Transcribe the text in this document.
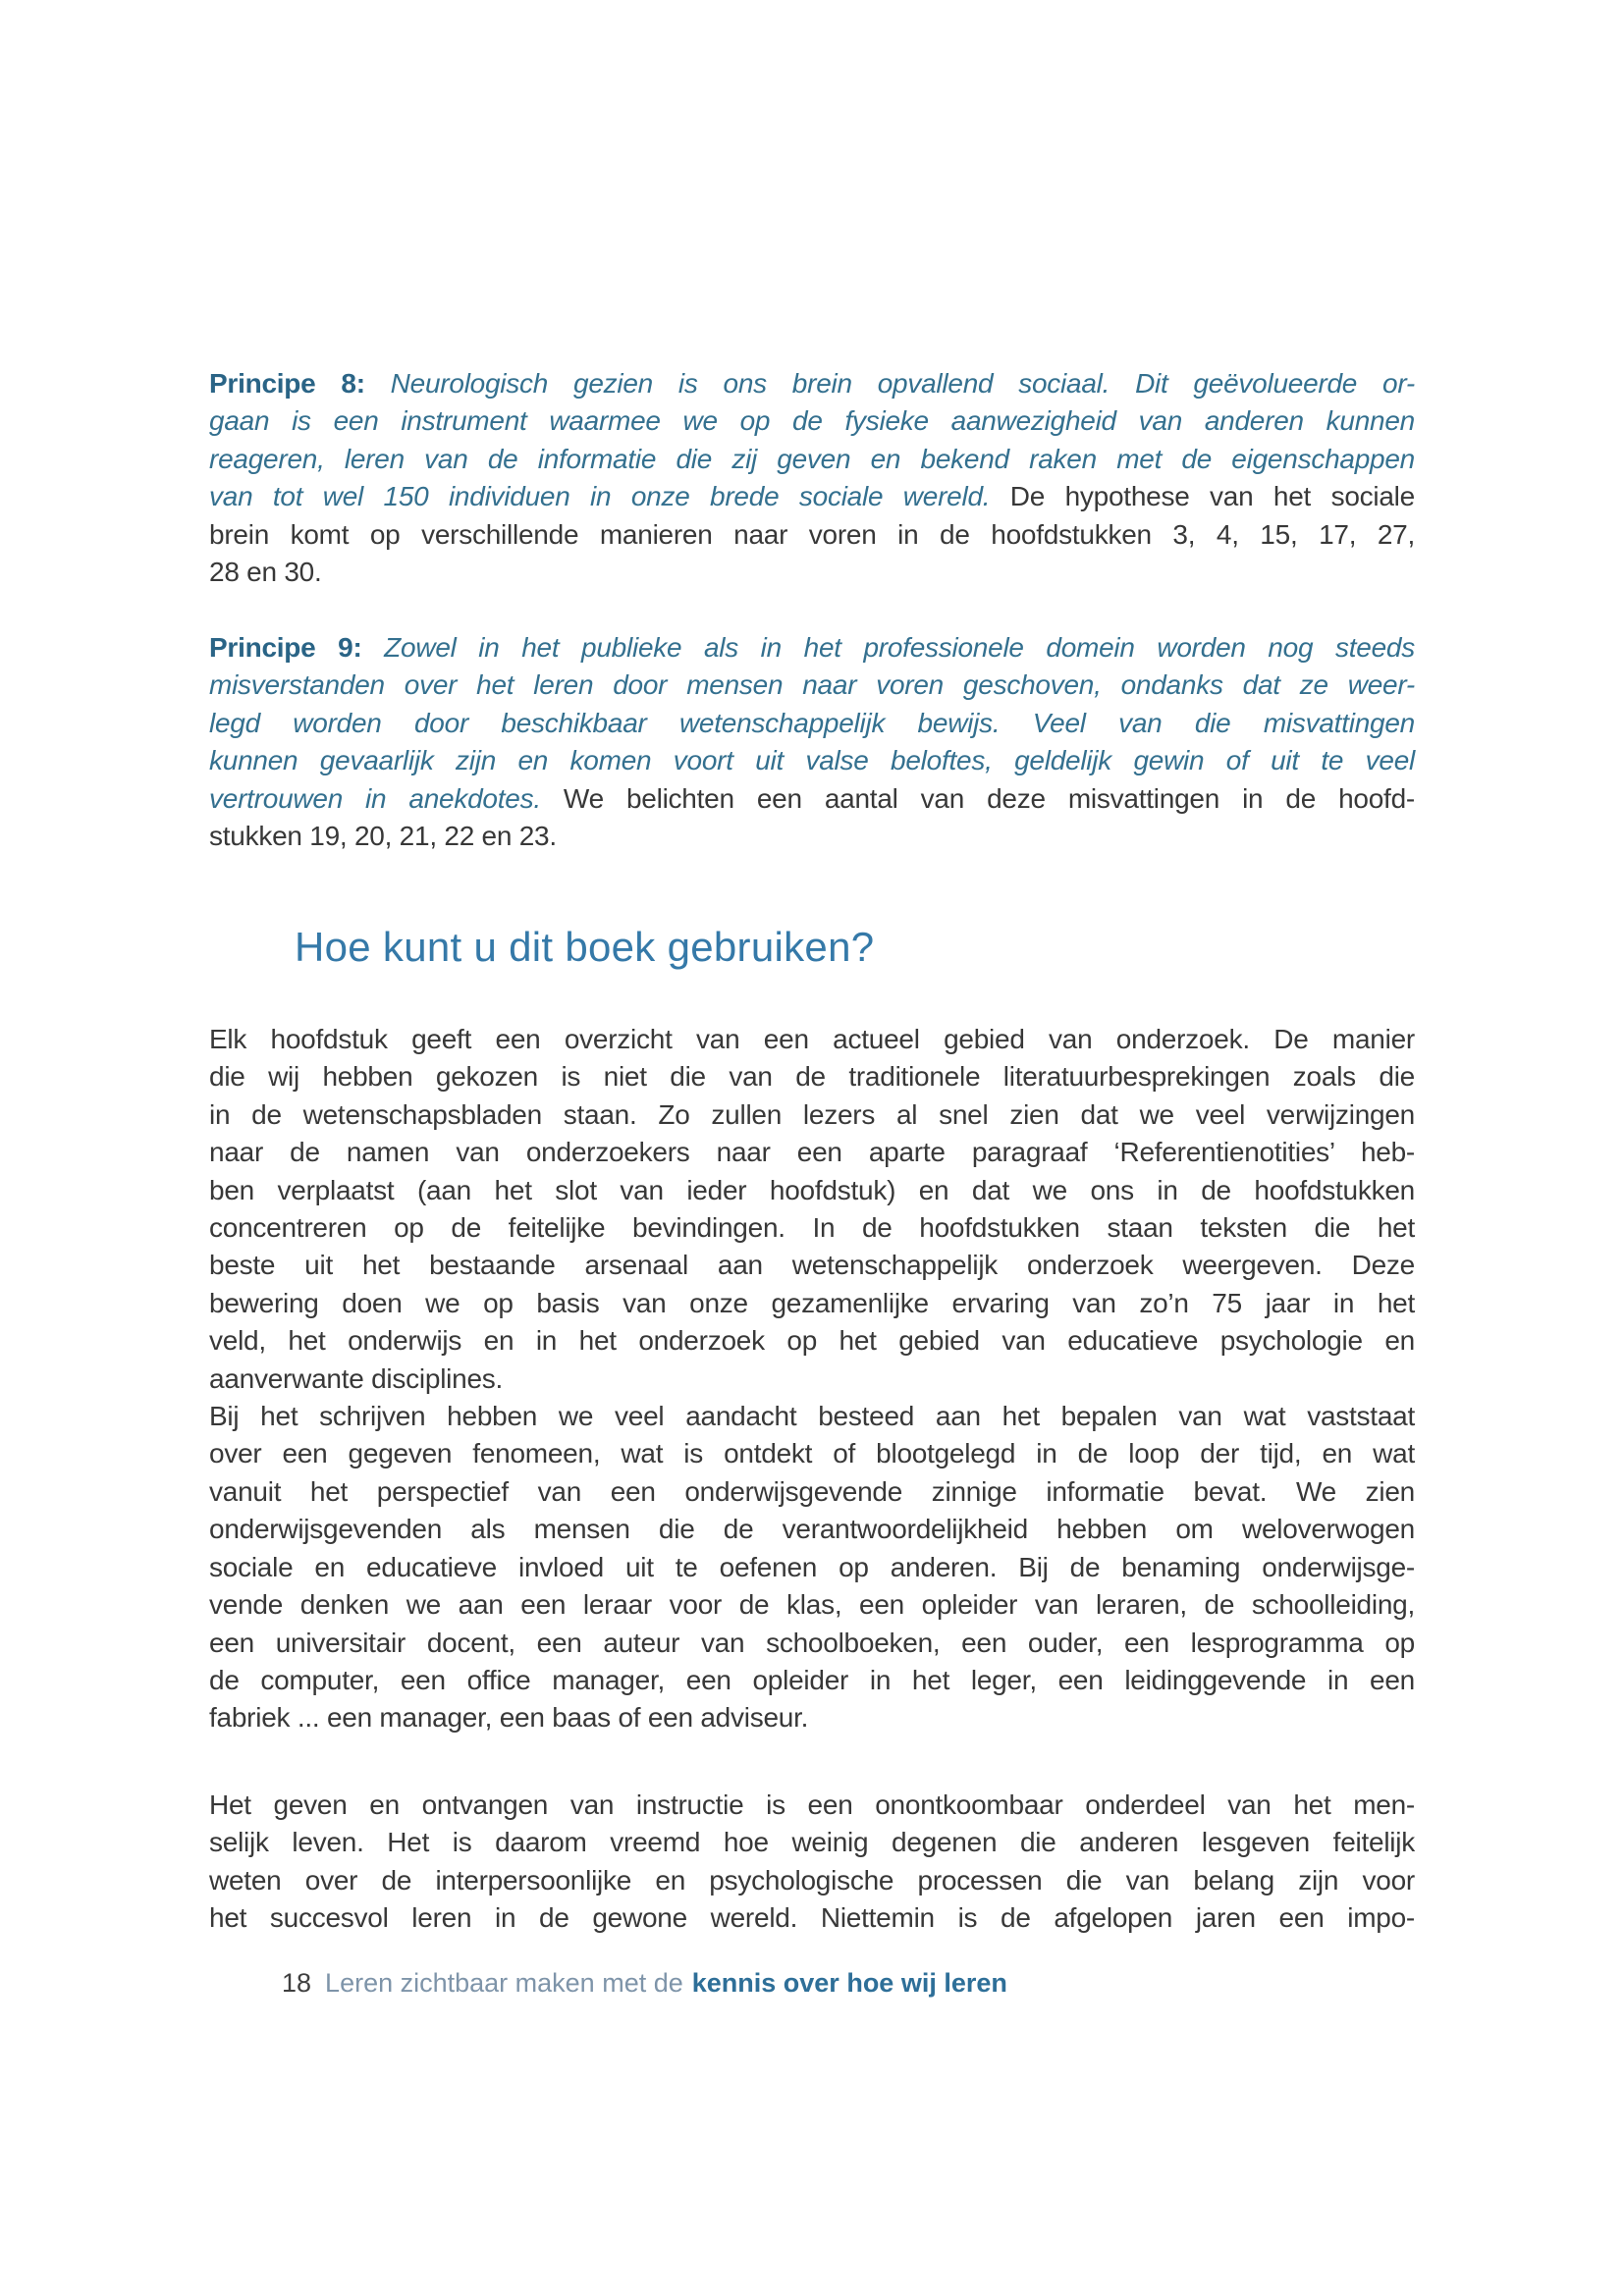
Principe 8: Neurologisch gezien is ons brein opvallend sociaal. Dit geëvolueerde or-
gaan is een instrument waarmee we op de fysieke aanwezigheid van anderen kunnen
reageren, leren van de informatie die zij geven en bekend raken met de eigenschappen
van tot wel 150 individuen in onze brede sociale wereld. De hypothese van het sociale
brein komt op verschillende manieren naar voren in de hoofdstukken 3, 4, 15, 17, 27,
28 en 30.
Principe 9: Zowel in het publieke als in het professionele domein worden nog steeds
misverstanden over het leren door mensen naar voren geschoven, ondanks dat ze weer-
legd worden door beschikbaar wetenschappelijk bewijs. Veel van die misvattingen
kunnen gevaarlijk zijn en komen voort uit valse beloftes, geldelijk gewin of uit te veel
vertrouwen in anekdotes. We belichten een aantal van deze misvattingen in de hoofd-
stukken 19, 20, 21, 22 en 23.
Hoe kunt u dit boek gebruiken?
Elk hoofdstuk geeft een overzicht van een actueel gebied van onderzoek. De manier
die wij hebben gekozen is niet die van de traditionele literatuurbesprekingen zoals die
in de wetenschapsbladen staan. Zo zullen lezers al snel zien dat we veel verwijzingen
naar de namen van onderzoekers naar een aparte paragraaf ‘Referentienotities’ heb-
ben verplaatst (aan het slot van ieder hoofdstuk) en dat we ons in de hoofdstukken
concentreren op de feitelijke bevindingen. In de hoofdstukken staan teksten die het
beste uit het bestaande arsenaal aan wetenschappelijk onderzoek weergeven. Deze
bewering doen we op basis van onze gezamenlijke ervaring van zo’n 75 jaar in het
veld, het onderwijs en in het onderzoek op het gebied van educatieve psychologie en
aanverwante disciplines.
Bij het schrijven hebben we veel aandacht besteed aan het bepalen van wat vaststaat
over een gegeven fenomeen, wat is ontdekt of blootgelegd in de loop der tijd, en wat
vanuit het perspectief van een onderwijsgevende zinnige informatie bevat. We zien
onderwijsgevenden als mensen die de verantwoordelijkheid hebben om weloverwogen
sociale en educatieve invloed uit te oefenen op anderen. Bij de benaming onderwijsge-
vende denken we aan een leraar voor de klas, een opleider van leraren, de schoolleiding,
een universitair docent, een auteur van schoolboeken, een ouder, een lesprogramma op
de computer, een office manager, een opleider in het leger, een leidinggevende in een
fabriek ... een manager, een baas of een adviseur.
Het geven en ontvangen van instructie is een onontkoombaar onderdeel van het men-
selijk leven. Het is daarom vreemd hoe weinig degenen die anderen lesgeven feitelijk
weten over de interpersoonlijke en psychologische processen die van belang zijn voor
het succesvol leren in de gewone wereld. Niettemin is de afgelopen jaren een impo-
18 Leren zichtbaar maken met de kennis over hoe wij leren
